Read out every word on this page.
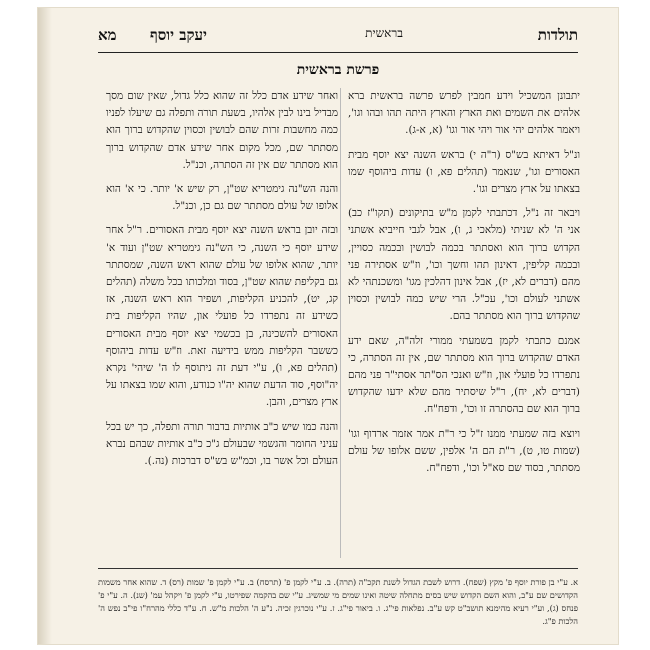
תולדות
בראשית
יעקב יוסף
מא
פרשת בראשית

יתבונן המשכיל וידע חמבין לפרש פרשה בראשית ברא אלהים את השמים ואת הארץ והארץ היתה תהו ובהו וגו', ויאמר אלהים יהי אור ויהי אור וגו' (א, א-ג).

ונ"ל דאיתא בש"ס (ר"ה י) בראש השנה יצא יוסף מבית האסורים וגו', שנאמר (תהלים פא, ו) עדות ביהוסף שמו בצאתו על ארץ מצרים וגו'.

ויבאר זה נ"ל, דכתבתי לקמן מ"ש בתיקונים (תקו"ז כב) אני ה' לא שניתי (מלאכי ג, ו), אבל לגבי חייביא אשתני הקדוש ברוך הוא ואסתתר בכמה לבושין ובכמה כסויין, ובכמה קליפין, דאינון תהו וחשך וכו', וז"ש אסתירה פני מהם (דברים לא, יז), אבל אינון דהלכין מגו' ומשכנתהי לא אשתני לעולם וכו', עכ"ל. הרי שיש כמה לבושין וכסוין שהקדוש ברוך הוא מסתתר בהם.

אמנם כתבתי לקמן בשמעתי ממורי זלה"ה, שאם ידע האדם שהקדוש ברוך הוא מסתתר שם, אין זה הסתרה, כי נתפרדו כל פועלי און, וז"ש ואנכי הס"תר אסתי"ר פני מהם (דברים לא, יח), ר"ל שיסתיר מהם שלא ידעו שהקדוש ברוך הוא שם בהסתרה זו וכו', ודפח"ח.

ויוצא בזה שמעתי ממנו ז"ל כי ר"ת אמר אזמר ארדוף וגו' (שמות טו, ט), ר"ת הם ה' אלפין, ששם אלופו של עולם מסתתר, בסוד שם סא"ל וכו', ודפח"ח.

ואחר שידע אדם כלל זה שהוא כלל גדול, שאין שום מסך מבדיל בינו לבין אלהיו, בשעת תורה ותפלה גם שיעלו לפניו כמה מחשבות זרות שהם לבושין וכסוין שהקדוש ברוך הוא מסתתר שם, מכל מקום אחר שידע אדם שהקדוש ברוך הוא מסתתר שם אין זה הסתרה, וכנ"ל.

והנה הש"נה גימטריא שט"ן, רק שיש א' יותר. כי א' הוא אלופו של עולם מסתתר שם גם כן, וכנ"ל.

ובזה יובן בראש השנה יצא יוסף מבית האסורים. ר"ל אחר שידע יוסף כי השנה, כי הש"נה גימטריא שט"ן ועוד א' יותר, שהוא אלופו של עולם שהוא ראש השנה, שמסתתר גם בקליפת שהוא שט"ן, בסוד ומלכותו בכל משלה (תהלים קג, יט), להכניע הקליפות, ושפיר הוא ראש השנה, אז כשידע זה נתפרדו כל פועלי און, שהיו הקליפות בית האסורים להשכינה, בן בכשמי יצא יוסף מבית האסורים כששבר הקליפות ממש בידיעה זאת. וז"ש עדות ביהוסף (תהלים פא, ו), ע"י דעת זה ניתוסף לו ה' שיהי' נקרא יה"וסף, סוד הדעת שהוא יה"ו כנודע, והוא שמו בצאתו על ארץ מצרים, והבן.

והנה כמו שיש כ"ב אותיות בדבור תורה ותפלה, כך יש בכל עניני החומר והגשמי שבעולם ג"כ כ"ב אותיות שבהם נברא העולם וכל אשר בו, וכמ"ש בש"ס דברכות (נה.).

א. ע"י בן פורת יוסף פ' מקץ (שפח). דרוש לשבת הגדול לשנת תקכ"ה (תרה). ב. ע"י לקמן פ' (תרסח) ב. ע"י לקמן פ' שמות (רס) ד. שהוא אחר משמות הקדושים שם ע"ב, והוא השם הקדוש שיש בסים מתחלה שיטה ואינו שמים מי שמשיג. ע"י שם בהקמה שפירטו, ע"י לקמן פ' ויקהל עמ' (שנ). ה. ע"י פ' פנחס (ג), וע"י רעיא מהימנא תושב"ט קש ע"ב. נפלאות פי"ג. ו. ביאור פי"ג. ז. ע"י נוכרגין זכיה. נ"ע ה' הלכות מ"ש. ח. ע"ד כללי מהרח"ו פי"ב נפש ה' הלכות פ"ג.
